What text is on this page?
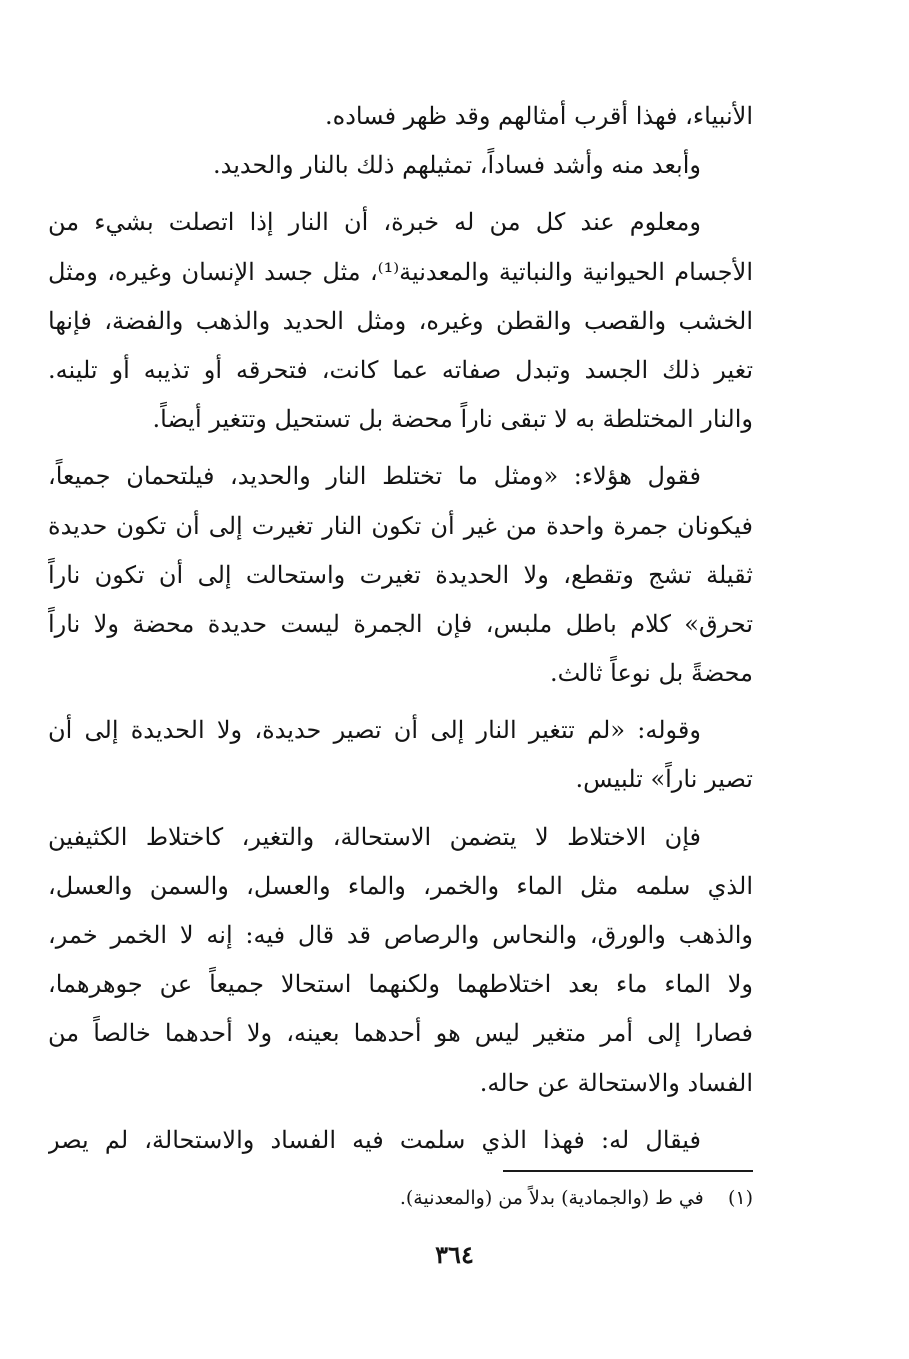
الأنبياء، فهذا أقرب أمثالهم وقد ظهر فساده.
وأبعد منه وأشد فساداً، تمثيلهم ذلك بالنار والحديد.
ومعلوم عند كل من له خبرة، أن النار إذا اتصلت بشيء من
الأجسام الحيوانية والنباتية والمعدنية⁽¹⁾، مثل جسد الإنسان وغيره، ومثل
الخشب والقصب والقطن وغيره، ومثل الحديد والذهب والفضة، فإنها
تغير ذلك الجسد وتبدل صفاته عما كانت، فتحرقه أو تذيبه أو تلينه.
والنار المختلطة به لا تبقى ناراً محضة بل تستحيل وتتغير أيضاً.
فقول هؤلاء: «ومثل ما تختلط النار والحديد، فيلتحمان جميعاً،
فيكونان جمرة واحدة من غير أن تكون النار تغيرت إلى أن تكون حديدة
ثقيلة تشج وتقطع، ولا الحديدة تغيرت واستحالت إلى أن تكون ناراً
تحرق» كلام باطل ملبس، فإن الجمرة ليست حديدة محضة ولا ناراً
محضةً بل نوعاً ثالث.
وقوله: «لم تتغير النار إلى أن تصير حديدة، ولا الحديدة إلى أن
تصير ناراً» تلبيس.
فإن الاختلاط لا يتضمن الاستحالة، والتغير، كاختلاط الكثيفين
الذي سلمه مثل الماء والخمر، والماء والعسل، والسمن والعسل،
والذهب والورق، والنحاس والرصاص قد قال فيه: إنه لا الخمر خمر،
ولا الماء ماء بعد اختلاطهما ولكنهما استحالا جميعاً عن جوهرهما،
فصارا إلى أمر متغير ليس هو أحدهما بعينه، ولا أحدهما خالصاً من
الفساد والاستحالة عن حاله.
فيقال له: فهذا الذي سلمت فيه الفساد والاستحالة، لم يصر
(١)    في ط (والجمادية) بدلاً من (والمعدنية).
٣٦٤
